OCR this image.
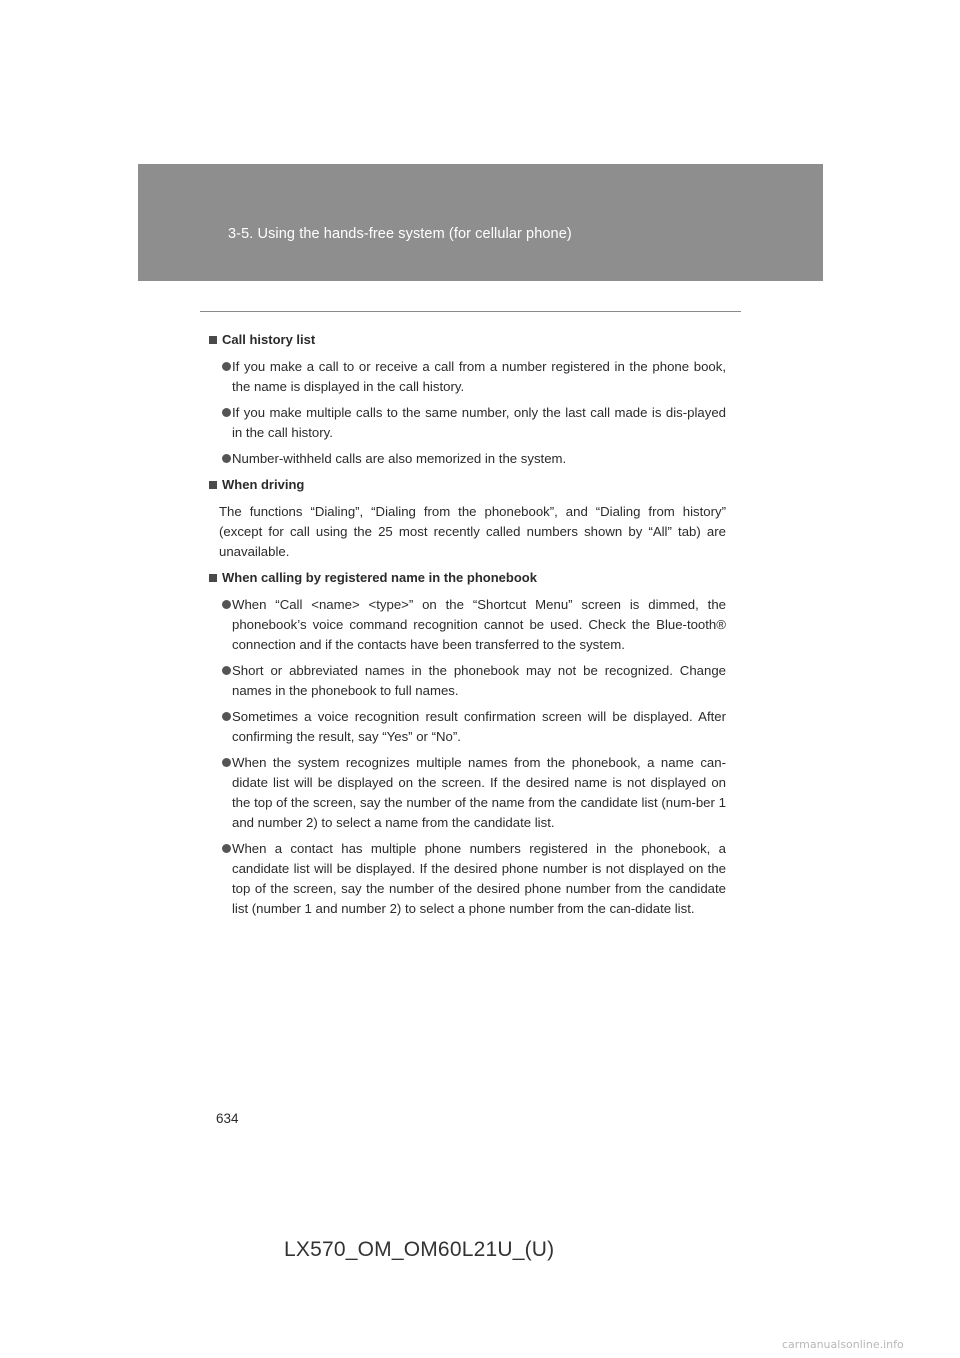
3-5. Using the hands-free system (for cellular phone)
Call history list
If you make a call to or receive a call from a number registered in the phone book, the name is displayed in the call history.
If you make multiple calls to the same number, only the last call made is dis-played in the call history.
Number-withheld calls are also memorized in the system.
When driving
The functions “Dialing”, “Dialing from the phonebook”, and “Dialing from history” (except for call using the 25 most recently called numbers shown by “All” tab) are unavailable.
When calling by registered name in the phonebook
When “Call <name> <type>” on the “Shortcut Menu” screen is dimmed, the phonebook’s voice command recognition cannot be used. Check the Blue-tooth® connection and if the contacts have been transferred to the system.
Short or abbreviated names in the phonebook may not be recognized. Change names in the phonebook to full names.
Sometimes a voice recognition result confirmation screen will be displayed. After confirming the result, say “Yes” or “No”.
When the system recognizes multiple names from the phonebook, a name can-didate list will be displayed on the screen. If the desired name is not displayed on the top of the screen, say the number of the name from the candidate list (num-ber 1 and number 2) to select a name from the candidate list.
When a contact has multiple phone numbers registered in the phonebook, a candidate list will be displayed. If the desired phone number is not displayed on the top of the screen, say the number of the desired phone number from the candidate list (number 1 and number 2) to select a phone number from the can-didate list.
634
LX570_OM_OM60L21U_(U)
carmanualsonline.info
